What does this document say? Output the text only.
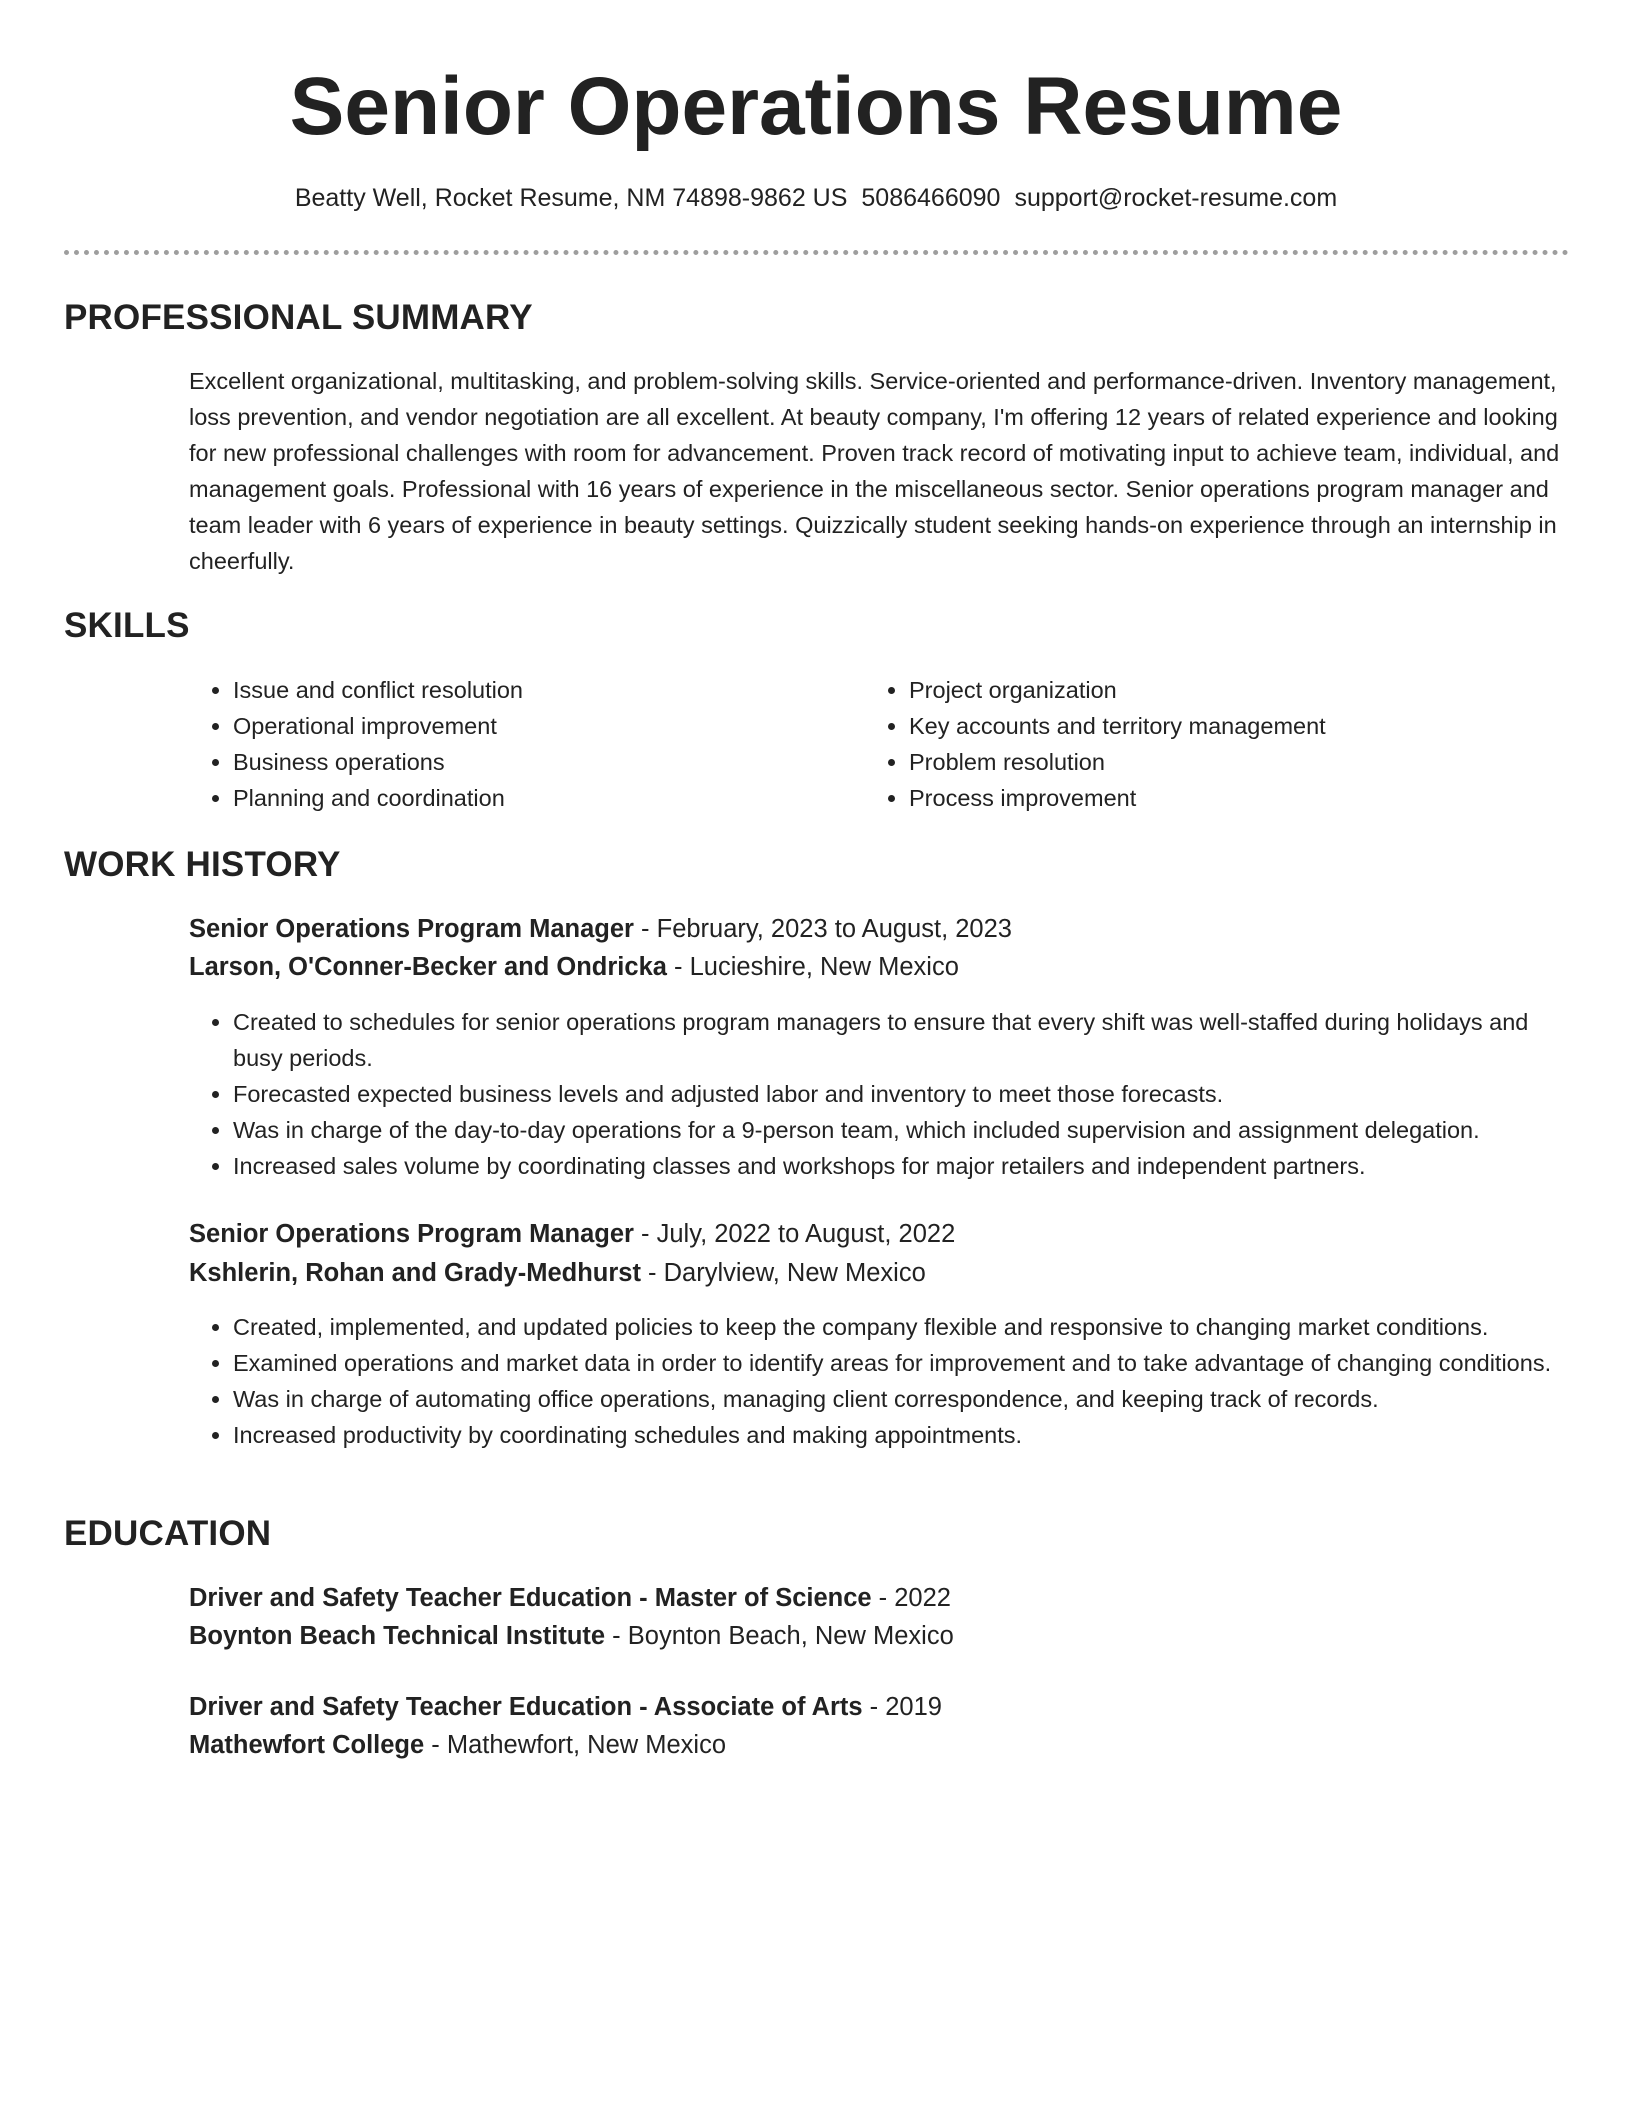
Senior Operations Resume
Beatty Well, Rocket Resume, NM 74898-9862 US 5086466090 support@rocket-resume.com
PROFESSIONAL SUMMARY

Excellent organizational, multitasking, and problem-solving skills. Service-oriented and performance-driven. Inventory management, loss prevention, and vendor negotiation are all excellent. At beauty company, I'm offering 12 years of related experience and looking for new professional challenges with room for advancement. Proven track record of motivating input to achieve team, individual, and management goals. Professional with 16 years of experience in the miscellaneous sector. Senior operations program manager and team leader with 6 years of experience in beauty settings. Quizzically student seeking hands-on experience through an internship in cheerfully.

SKILLS
• Issue and conflict resolution
• Operational improvement
• Business operations
• Planning and coordination
• Project organization
• Key accounts and territory management
• Problem resolution
• Process improvement
WORK HISTORY
Senior Operations Program Manager - February, 2023 to August, 2023
Larson, O'Conner-Becker and Ondricka - Lucieshire, New Mexico
• Created to schedules for senior operations program managers to ensure that every shift was well-staffed during holidays and busy periods.
• Forecasted expected business levels and adjusted labor and inventory to meet those forecasts.
• Was in charge of the day-to-day operations for a 9-person team, which included supervision and assignment delegation.
• Increased sales volume by coordinating classes and workshops for major retailers and independent partners.
Senior Operations Program Manager - July, 2022 to August, 2022
Kshlerin, Rohan and Grady-Medhurst - Darylview, New Mexico
• Created, implemented, and updated policies to keep the company flexible and responsive to changing market conditions.
• Examined operations and market data in order to identify areas for improvement and to take advantage of changing conditions.
• Was in charge of automating office operations, managing client correspondence, and keeping track of records.
• Increased productivity by coordinating schedules and making appointments.
EDUCATION
Driver and Safety Teacher Education - Master of Science - 2022
Boynton Beach Technical Institute - Boynton Beach, New Mexico
Driver and Safety Teacher Education - Associate of Arts - 2019
Mathewfort College - Mathewfort, New Mexico
